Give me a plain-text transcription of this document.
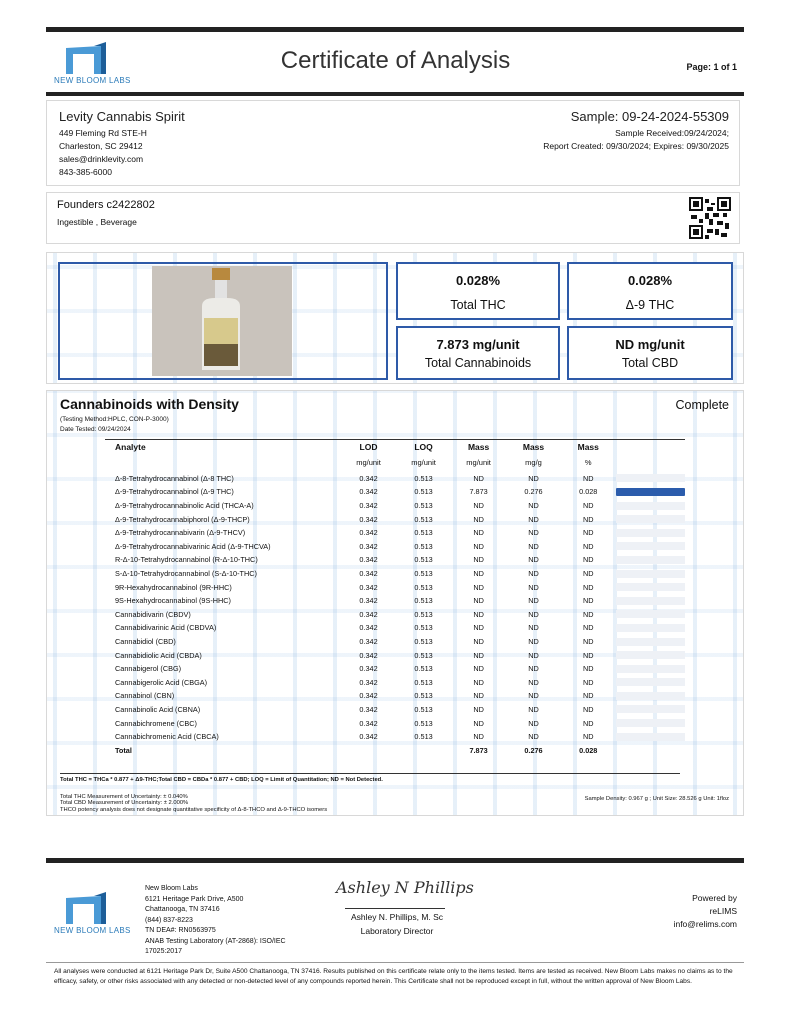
NEW BLOOM LABS
Certificate of Analysis	Page: 1 of 1
Levity Cannabis Spirit
449 Fleming Rd STE-H
Charleston, SC 29412
sales@drinklevity.com
843-385-6000
Sample: 09-24-2024-55309
Sample Received:09/24/2024;
Report Created: 09/30/2024; Expires: 09/30/2025
Founders c2422802
Ingestible , Beverage
0.028%
Total THC
0.028%
Δ-9 THC
7.873 mg/unit
Total Cannabinoids
ND mg/unit
Total CBD
Cannabinoids with Density	Complete
(Testing Method:HPLC, CON-P-3000)
Date Tested: 09/24/2024
Analyte	LOD	LOQ	Mass	Mass	Mass	
	mg/unit	mg/unit	mg/unit	mg/g	%	
Δ-8-Tetrahydrocannabinol (Δ-8 THC)	0.342	0.513	ND	ND	ND	

Δ-9-Tetrahydrocannabinol (Δ-9 THC)	0.342	0.513	7.873	0.276	0.028	

Δ-9-Tetrahydrocannabinolic Acid (THCA-A)	0.342	0.513	ND	ND	ND	

Δ-9-Tetrahydrocannabiphorol (Δ-9-THCP)	0.342	0.513	ND	ND	ND	

Δ-9-Tetrahydrocannabivarin (Δ-9-THCV)	0.342	0.513	ND	ND	ND	

Δ-9-Tetrahydrocannabivarinic Acid (Δ-9-THCVA)	0.342	0.513	ND	ND	ND	

R-Δ-10-Tetrahydrocannabinol (R-Δ-10-THC)	0.342	0.513	ND	ND	ND	

S-Δ-10-Tetrahydrocannabinol (S-Δ-10-THC)	0.342	0.513	ND	ND	ND	

9R-Hexahydrocannabinol (9R-HHC)	0.342	0.513	ND	ND	ND	

9S-Hexahydrocannabinol (9S-HHC)	0.342	0.513	ND	ND	ND	

Cannabidivarin (CBDV)	0.342	0.513	ND	ND	ND	

Cannabidivarinic Acid (CBDVA)	0.342	0.513	ND	ND	ND	

Cannabidiol (CBD)	0.342	0.513	ND	ND	ND	

Cannabidiolic Acid (CBDA)	0.342	0.513	ND	ND	ND	

Cannabigerol (CBG)	0.342	0.513	ND	ND	ND	

Cannabigerolic Acid (CBGA)	0.342	0.513	ND	ND	ND	

Cannabinol (CBN)	0.342	0.513	ND	ND	ND	

Cannabinolic Acid (CBNA)	0.342	0.513	ND	ND	ND	

Cannabichromene (CBC)	0.342	0.513	ND	ND	ND	

Cannabichromenic Acid (CBCA)	0.342	0.513	ND	ND	ND	

Total			7.873	0.276	0.028	
Total THC = THCa * 0.877 + Δ9-THC;Total CBD = CBDa * 0.877 + CBD; LOQ = Limit of Quantitation; ND = Not Detected.
Total THC Measurement of Uncertainty: ± 0.040%
Total CBD Measurement of Uncertainty: ± 2.000%
THCO potency analysis does not designate quantitative specificity of Δ-8-THCO and Δ-9-THCO isomers
Sample Density: 0.967 g ; Unit Size: 28.526 g Unit: 1floz
NEW BLOOM LABS
New Bloom Labs
6121 Heritage Park Drive, A500
Chattanooga, TN 37416
(844) 837-8223
TN DEA#: RN0563975
ANAB Testing Laboratory (AT-2868): ISO/IEC
17025:2017
Ashley N Phillips
Ashley N. Phillips, M. Sc
Laboratory Director
Powered by
reLIMS
info@relims.com
All analyses were conducted at 6121 Heritage Park Dr, Suite A500 Chattanooga, TN 37416. Results published on this certificate relate only to the items tested. Items are tested as received. New Bloom Labs makes no claims as to the efficacy, safety, or other risks associated with any detected or non-detected level of any compounds reported herein. This Certificate shall not be reproduced except in full, without the written approval of New Bloom Labs.
